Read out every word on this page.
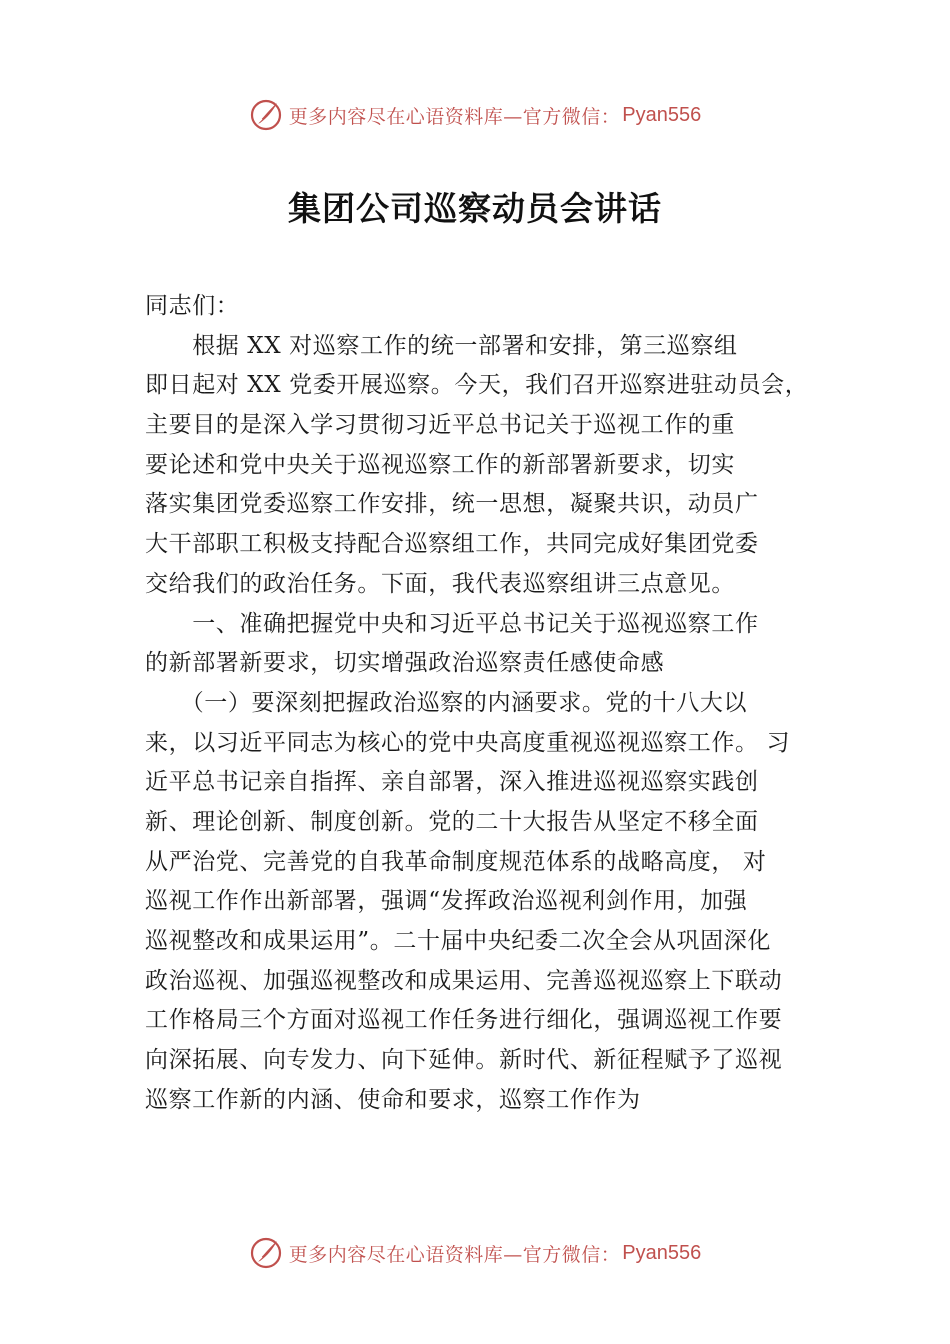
更多内容尽在心语资料库—官方微信： Pyan556
集团公司巡察动员会讲话
同志们：
　　根据 XX 对巡察工作的统一部署和安排，第三巡察组
即日起对 XX 党委开展巡察。今天，我们召开巡察进驻动员会，
主要目的是深入学习贯彻习近平总书记关于巡视工作的重
要论述和党中央关于巡视巡察工作的新部署新要求，切实
落实集团党委巡察工作安排，统一思想，凝聚共识，动员广
大干部职工积极支持配合巡察组工作，共同完成好集团党委
交给我们的政治任务。下面，我代表巡察组讲三点意见。
　　一、准确把握党中央和习近平总书记关于巡视巡察工作
的新部署新要求，切实增强政治巡察责任感使命感
　　（一）要深刻把握政治巡察的内涵要求。党的十八大以
来，以习近平同志为核心的党中央高度重视巡视巡察工作。 习
近平总书记亲自指挥、亲自部署，深入推进巡视巡察实践创
新、理论创新、制度创新。党的二十大报告从坚定不移全面
从严治党、完善党的自我革命制度规范体系的战略高度， 对
巡视工作作出新部署，强调“发挥政治巡视利剑作用，加强
巡视整改和成果运用”。二十届中央纪委二次全会从巩固深化
政治巡视、加强巡视整改和成果运用、完善巡视巡察上下联动
工作格局三个方面对巡视工作任务进行细化，强调巡视工作要
向深拓展、向专发力、向下延伸。新时代、新征程赋予了巡视
巡察工作新的内涵、使命和要求，巡察工作作为
更多内容尽在心语资料库—官方微信： Pyan556
